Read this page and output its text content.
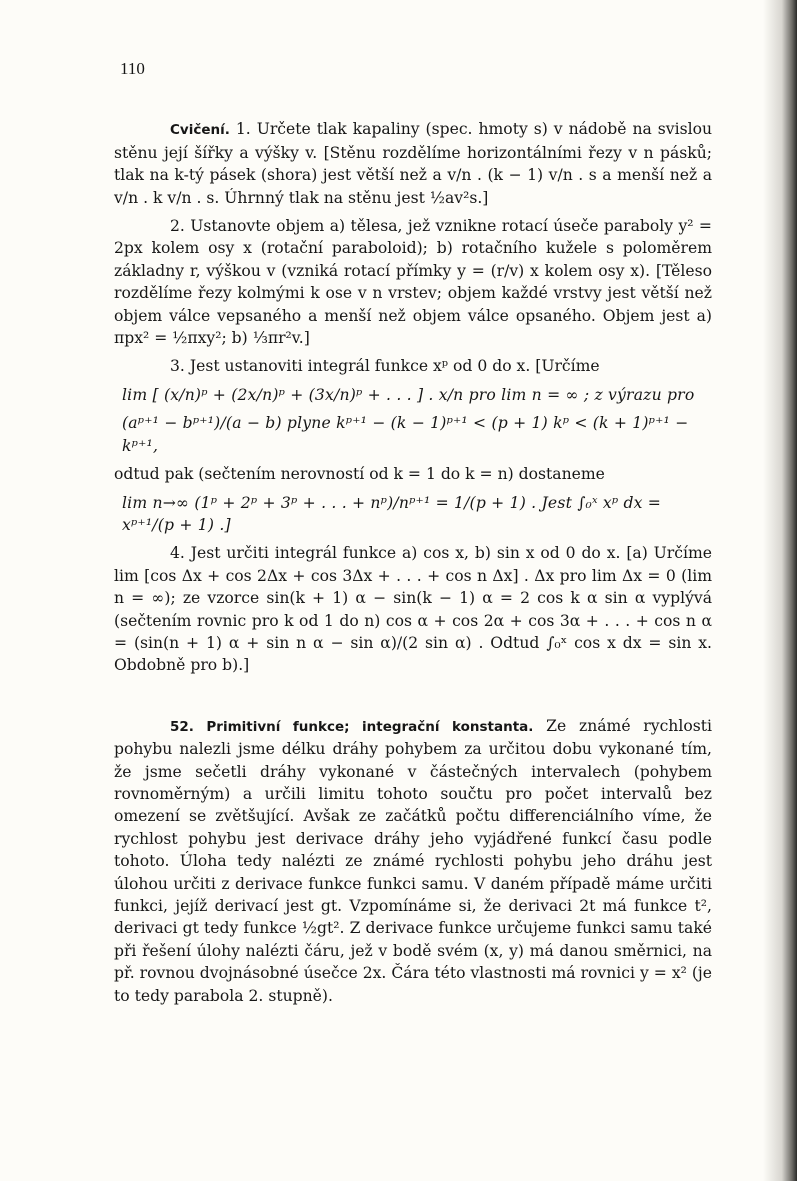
110

Cvičení. 1. Určete tlak kapaliny (spec. hmoty s) v nádobě na svislou stěnu její šířky a výšky v. [Stěnu rozdělíme horizontálními řezy v n pásků; tlak na k-tý pásek (shora) jest větší než a v/n . (k − 1) v/n . s a menší než a v/n . k v/n . s. Úhrnný tlak na stěnu jest ½av²s.]

2. Ustanovte objem a) tělesa, jež vznikne rotací úseče paraboly y² = 2px kolem osy x (rotační paraboloid); b) rotačního kužele s poloměrem základny r, výškou v (vzniká rotací přímky y = (r/v) x kolem osy x). [Těleso rozdělíme řezy kolmými k ose v n vrstev; objem každé vrstvy jest větší než objem válce vepsaného a menší než objem válce opsaného. Objem jest a) πpx² = ½πxy²; b) ⅓πr²v.]

3. Jest ustanoviti integrál funkce xᵖ od 0 do x. [Určíme

lim [ (x/n)ᵖ + (2x/n)ᵖ + (3x/n)ᵖ + . . . ] . x/n pro lim n = ∞ ; z výrazu pro
(aᵖ⁺¹ − bᵖ⁺¹)/(a − b) plyne kᵖ⁺¹ − (k − 1)ᵖ⁺¹ < (p + 1) kᵖ < (k + 1)ᵖ⁺¹ − kᵖ⁺¹,

odtud pak (sečtením nerovností od k = 1 do k = n) dostaneme

lim n→∞ (1ᵖ + 2ᵖ + 3ᵖ + . . . + nᵖ)/nᵖ⁺¹ = 1/(p + 1) . Jest ∫₀ˣ xᵖ dx = xᵖ⁺¹/(p + 1) .]

4. Jest určiti integrál funkce a) cos x, b) sin x od 0 do x. [a) Určíme lim [cos Δx + cos 2Δx + cos 3Δx + . . . + cos n Δx] . Δx pro lim Δx = 0 (lim n = ∞); ze vzorce sin(k + 1) α − sin(k − 1) α = 2 cos k α sin α vyplývá (sečtením rovnic pro k od 1 do n) cos α + cos 2α + cos 3α + . . . + cos n α = (sin(n + 1) α + sin n α − sin α)/(2 sin α) . Odtud ∫₀ˣ cos x dx = sin x. Obdobně pro b).]

52. Primitivní funkce; integrační konstanta. Ze známé rychlosti pohybu nalezli jsme délku dráhy pohybem za určitou dobu vykonané tím, že jsme sečetli dráhy vykonané v částečných intervalech (pohybem rovnoměrným) a určili limitu tohoto součtu pro počet intervalů bez omezení se zvětšující. Avšak ze začátků počtu differenciálního víme, že rychlost pohybu jest derivace dráhy jeho vyjádřené funkcí času podle tohoto. Úloha tedy nalézti ze známé rychlosti pohybu jeho dráhu jest úlohou určiti z derivace funkce funkci samu. V daném případě máme určiti funkci, jejíž derivací jest gt. Vzpomínáme si, že derivaci 2t má funkce t², derivaci gt tedy funkce ½gt². Z derivace funkce určujeme funkci samu také při řešení úlohy nalézti čáru, jež v bodě svém (x, y) má danou směrnici, na př. rovnou dvojnásobné úsečce 2x. Čára této vlastnosti má rovnici y = x² (je to tedy parabola 2. stupně).
